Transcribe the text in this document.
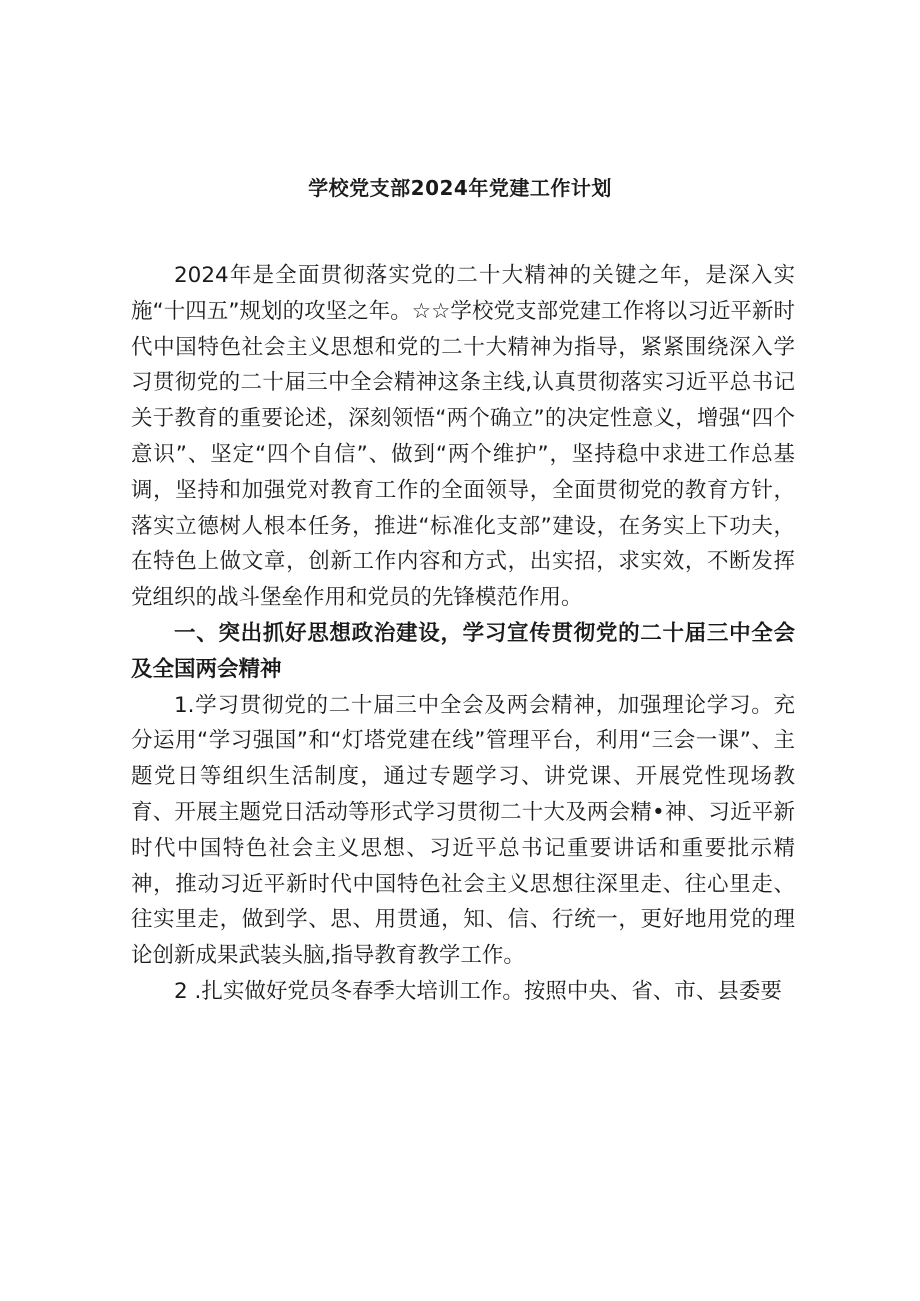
学校党支部2024年党建工作计划

2024年是全面贯彻落实党的二十大精神的关键之年，是深入实施“十四五”规划的攻坚之年。☆☆学校党支部党建工作将以习近平新时代中国特色社会主义思想和党的二十大精神为指导，紧紧围绕深入学习贯彻党的二十届三中全会精神这条主线,认真贯彻落实习近平总书记关于教育的重要论述，深刻领悟“两个确立”的决定性意义，增强“四个意识”、坚定“四个自信”、做到“两个维护”，坚持稳中求进工作总基调，坚持和加强党对教育工作的全面领导，全面贯彻党的教育方针，落实立德树人根本任务，推进“标准化支部”建设，在务实上下功夫，在特色上做文章，创新工作内容和方式，出实招，求实效，不断发挥党组织的战斗堡垒作用和党员的先锋模范作用。

一、突出抓好思想政治建设，学习宣传贯彻党的二十届三中全会及全国两会精神

1.学习贯彻党的二十届三中全会及两会精神，加强理论学习。充分运用“学习强国”和“灯塔党建在线”管理平台，利用“三会一课”、主题党日等组织生活制度，通过专题学习、讲党课、开展党性现场教育、开展主题党日活动等形式学习贯彻二十大及两会精•神、习近平新时代中国特色社会主义思想、习近平总书记重要讲话和重要批示精神，推动习近平新时代中国特色社会主义思想往深里走、往心里走、往实里走，做到学、思、用贯通，知、信、行统一，更好地用党的理论创新成果武装头脑,指导教育教学工作。

2 .扎实做好党员冬春季大培训工作。按照中央、省、市、县委要
